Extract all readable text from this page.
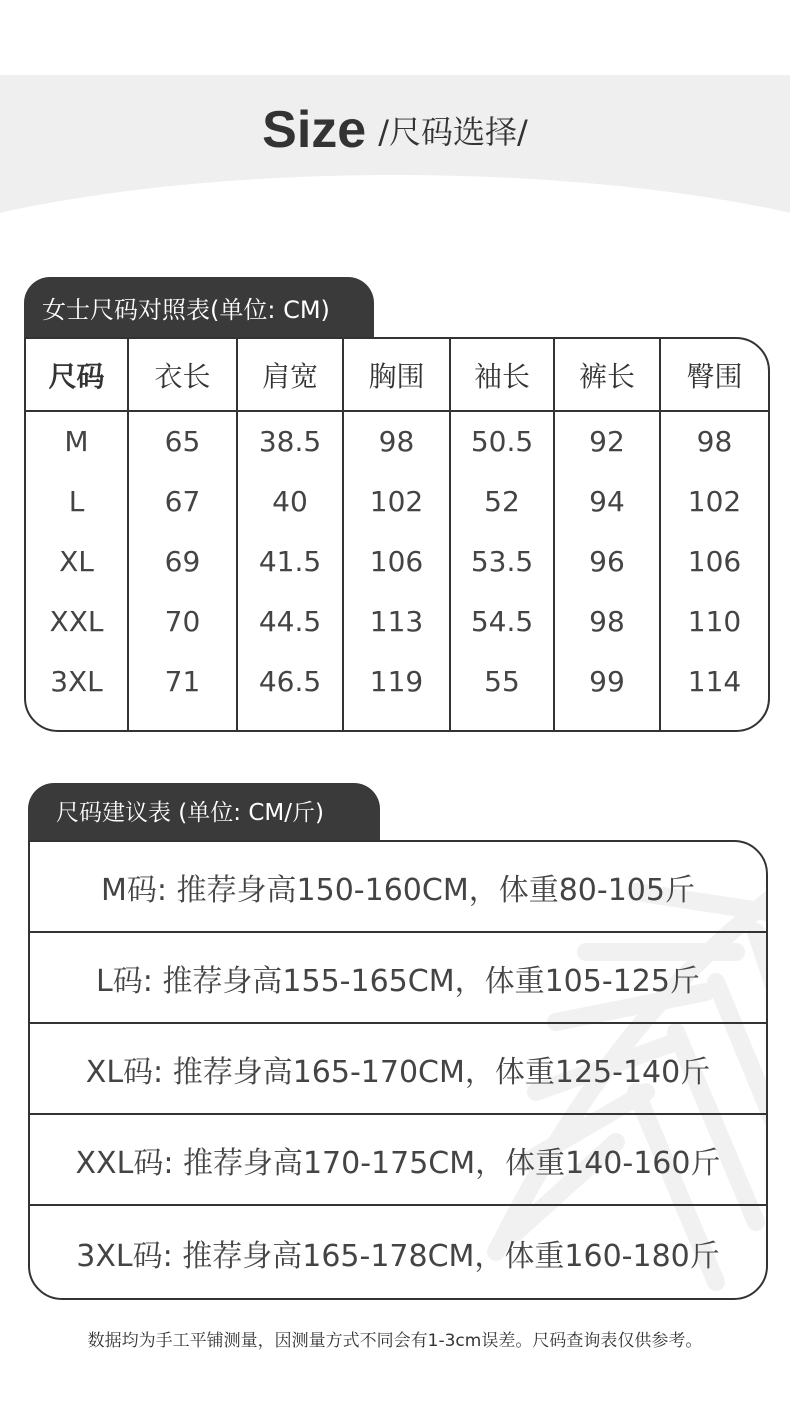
Size /尺码选择/
女士尺码对照表(单位: CM)
尺码	衣长	肩宽	胸围	袖长	裤长	臀围
M	65	38.5	98	50.5	92	98
L	67	40	102	52	94	102
XL	69	41.5	106	53.5	96	106
XXL	70	44.5	113	54.5	98	110
3XL	71	46.5	119	55	99	114

尺码建议表 (单位: CM/斤)
M码: 推荐身高150-160CM，体重80-105斤
L码: 推荐身高155-165CM，体重105-125斤
XL码: 推荐身高165-170CM，体重125-140斤
XXL码: 推荐身高170-175CM，体重140-160斤
3XL码: 推荐身高165-178CM，体重160-180斤
数据均为手工平铺测量，因测量方式不同会有1-3cm误差。尺码查询表仅供参考。
